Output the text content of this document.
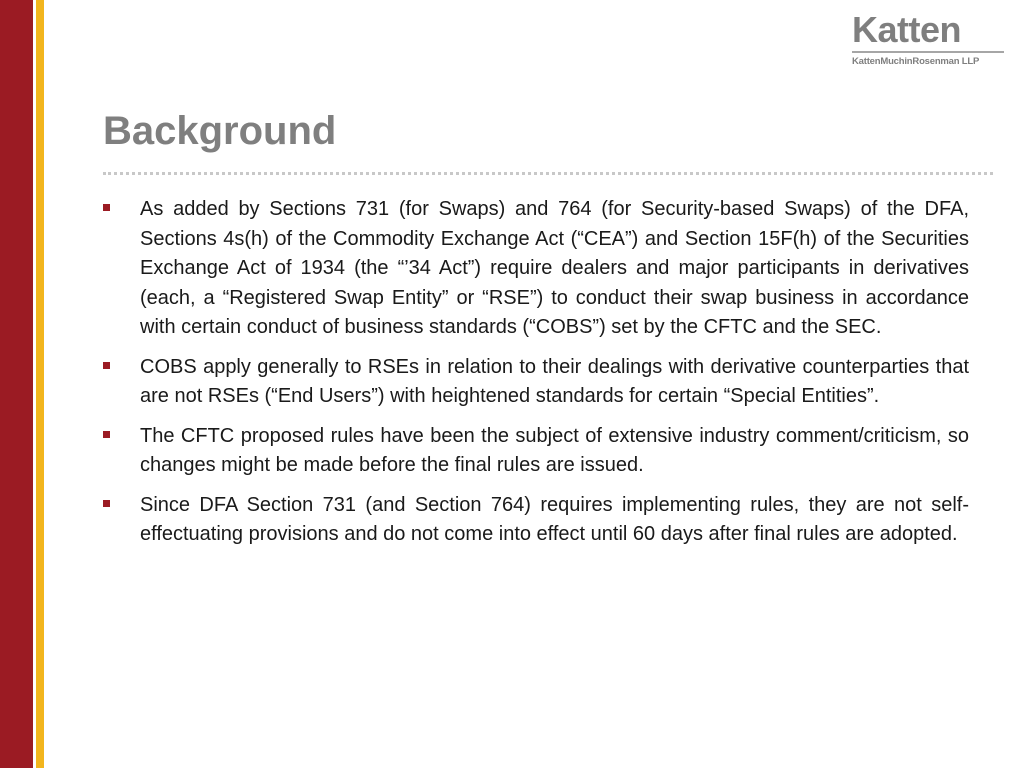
Katten
KattenMuchinRosenman LLP
Background
As added by Sections 731 (for Swaps) and 764 (for Security-based Swaps) of the DFA, Sections 4s(h) of the Commodity Exchange Act (“CEA”) and Section 15F(h) of the Securities Exchange Act of 1934 (the “’34 Act”) require dealers and major participants in derivatives (each, a “Registered Swap Entity” or “RSE”) to conduct their swap business in accordance with certain conduct of business standards (“COBS”) set by the CFTC and the SEC.
COBS apply generally to RSEs in relation to their dealings with derivative counterparties that are not RSEs (“End Users”) with heightened standards for certain “Special Entities”.
The CFTC proposed rules have been the subject of extensive industry comment/criticism, so changes might be made before the final rules are issued.
Since DFA Section 731 (and Section 764) requires implementing rules, they are not self-effectuating provisions and do not come into effect until 60 days after final rules are adopted.
